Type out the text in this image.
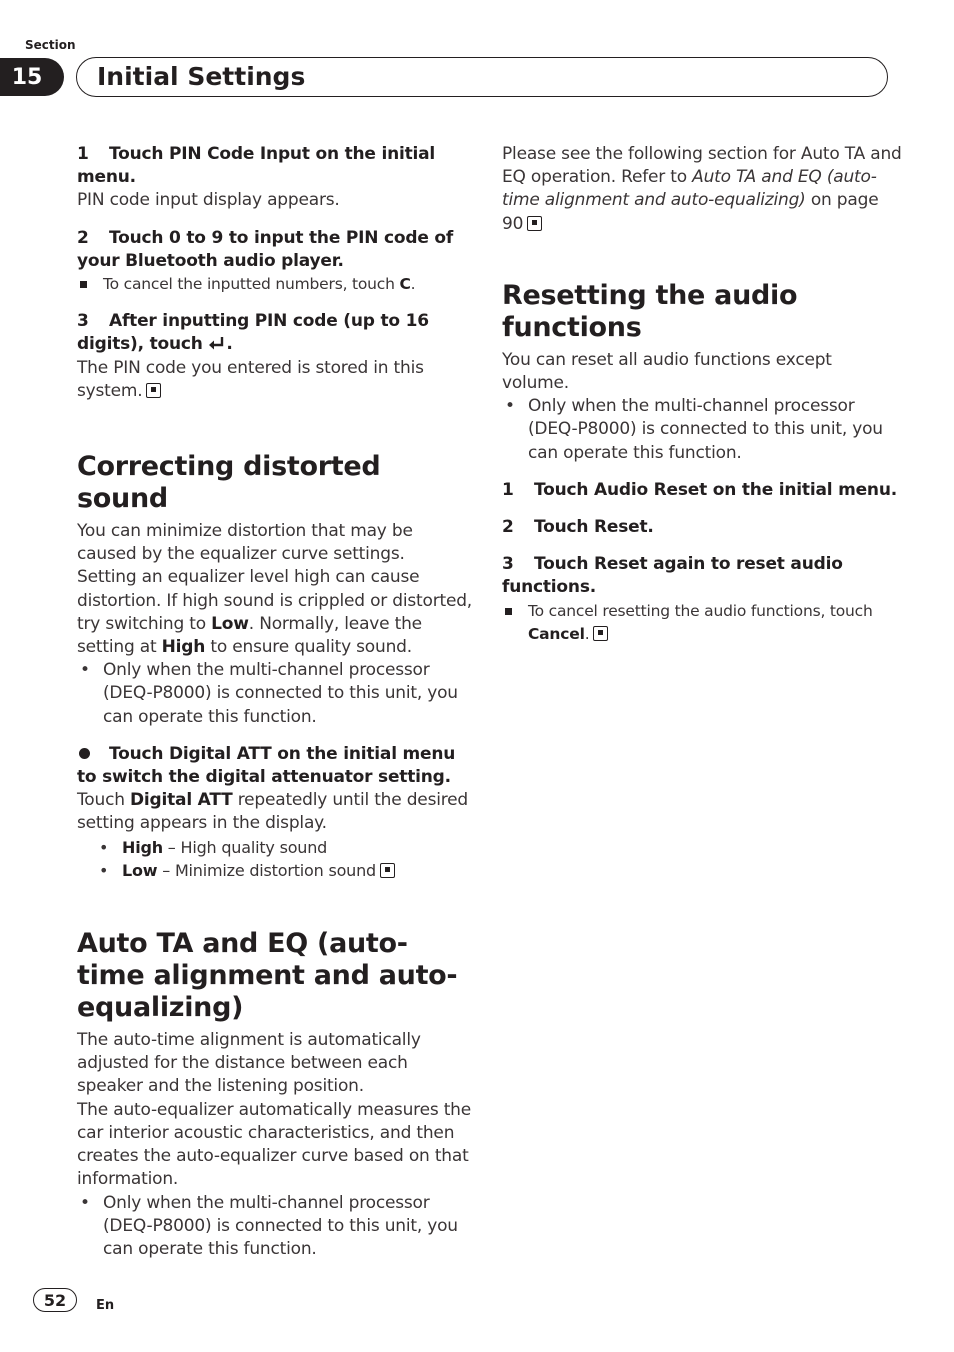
Section
15	Initial Settings

1 Touch PIN Code Input on the initial menu.

PIN code input display appears.

2 Touch 0 to 9 to input the PIN code of your Bluetooth audio player.

To cancel the inputted numbers, touch C.

3 After inputting PIN code (up to 16 digits), touch .

The PIN code you entered is stored in this system.

Correcting distorted sound

You can minimize distortion that may be caused by the equalizer curve settings.

Setting an equalizer level high can cause distortion. If high sound is crippled or distorted, try switching to Low. Normally, leave the setting at High to ensure quality sound.

• Only when the multi-channel processor (DEQ-P8000) is connected to this unit, you can operate this function.

Touch Digital ATT on the initial menu to switch the digital attenuator setting.

Touch Digital ATT repeatedly until the desired setting appears in the display.

• High – High quality sound

• Low – Minimize distortion sound

Auto TA and EQ (auto-time alignment and auto-equalizing)

The auto-time alignment is automatically adjusted for the distance between each speaker and the listening position.

The auto-equalizer automatically measures the car interior acoustic characteristics, and then creates the auto-equalizer curve based on that information.

• Only when the multi-channel processor (DEQ-P8000) is connected to this unit, you can operate this function.

Please see the following section for Auto TA and EQ operation. Refer to Auto TA and EQ (auto-time alignment and auto-equalizing) on page 90

Resetting the audio functions

You can reset all audio functions except volume.

• Only when the multi-channel processor (DEQ-P8000) is connected to this unit, you can operate this function.

1 Touch Audio Reset on the initial menu.

2 Touch Reset.

3 Touch Reset again to reset audio functions.

To cancel resetting the audio functions, touch Cancel.

52	En
